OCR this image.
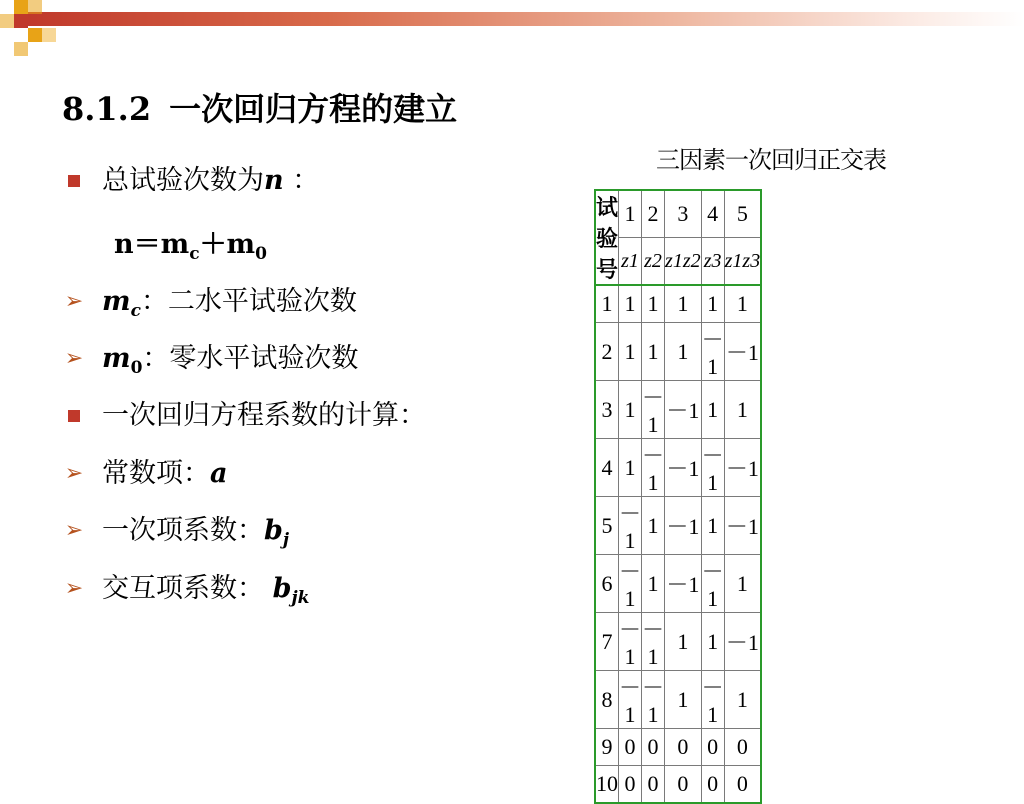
8.1.2 一次回归方程的建立
总试验次数为n ：
$n=m_c+m_0$
➢ $m_c$：二水平试验次数
➢ $m_0$：零水平试验次数
一次回归方程系数的计算：
➢ 常数项：a
➢ 一次项系数：$b_j$
➢ 交互项系数： $b_{jk}$
三因素一次回归正交表
试验号	1	2	3	4	5
	z1	z2	z1z2	z3	z1z3
1	1	1	1	1	1
2	1	1	1	－1	－1
3	1	－1	－1	1	1
4	1	－1	－1	－1	－1
5	－1	1	－1	1	－1
6	－1	1	－1	－1	1
7	－1	－1	1	1	－1
8	－1	－1	1	－1	1
9	0	0	0	0	0
10	0	0	0	0	0
